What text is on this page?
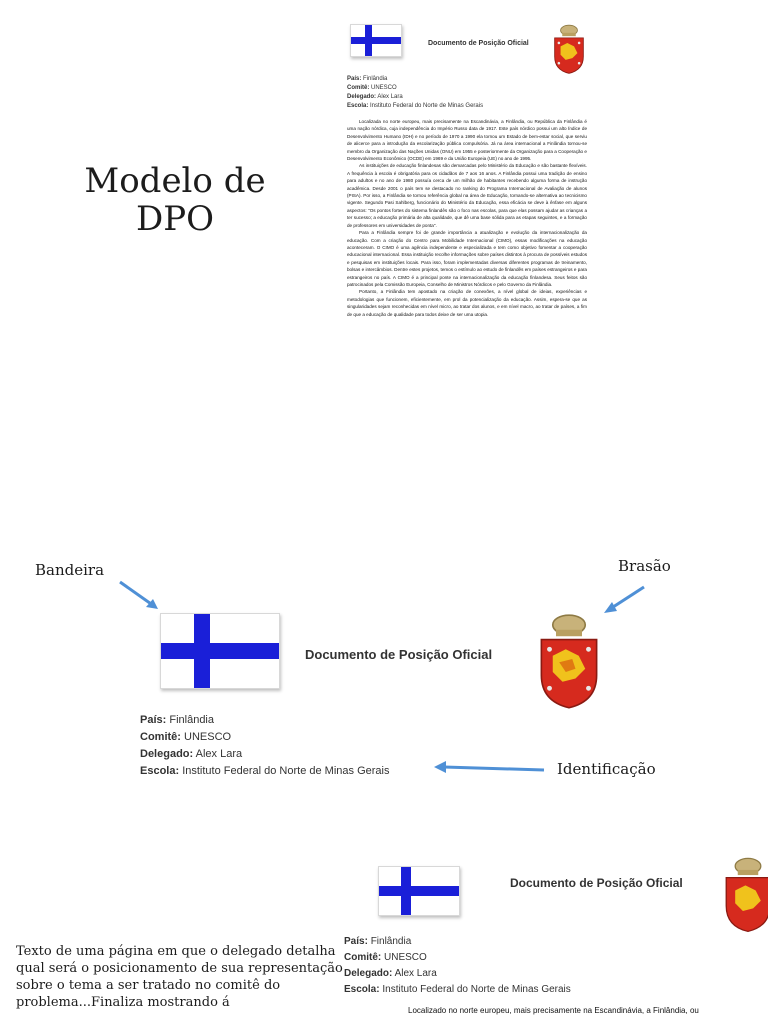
Documento de Posição Oficial
País: Finlândia
Comitê: UNESCO
Delegado: Alex Lara
Escola: Instituto Federal do Norte de Minas Gerais

Localizada no norte europeu, mais precisamente na Escandinávia, a Finlândia, ou República da Finlândia é uma nação nórdica, cuja independência do Império Russo data de 1917. Este país nórdico possui um alto Índice de Desenvolvimento Humano (IDH) e no período de 1970 a 1990 ela tornou um Estado de bem-estar social, que serviu de alicerce para a introdução da escolarização pública compulsória. Já na área internacional a Finlândia tornou-se membro da Organização das Nações Unidas (ONU) em 1955 e posteriormente da Organização para a Cooperação e Desenvolvimento Econômico (OCDE) em 1969 e da União Europeia (UE) no ano de 1995.

As instituições de educação finlandesas são demarcadas pelo Ministério da Educação e são bastante flexíveis. A frequência à escola é obrigatória para os cidadãos de 7 aos 16 anos. A Finlândia possui uma tradição de ensino para adultos e no ano de 1980 possuía cerca de um milhão de habitantes recebendo alguma forma de instrução acadêmica. Desde 2001 o país tem se destacado no ranking do Programa Internacional de Avaliação de alunos (PISA). Por isso, a Finlândia se tornou referência global na área de Educação, tornando-se alternativa ao tecnicismo vigente. Segundo Pasi Sahlberg, funcionário do Ministério da Educação, essa eficácia se deve à ênfase em alguns aspectos: "Os pontos fortes do sistema finlandês são o foco nas escolas, para que elas possam ajudar as crianças a ter sucesso; a educação primária de alta qualidade, que dê uma base sólida para as etapas seguintes, e a formação de professores em universidades de ponta".

Para a Finlândia sempre foi de grande importância a atualização e evolução da internacionalização da educação. Com a criação do Centro para Mobilidade Internacional (CIMO), essas modificações na educação aconteceram. O CIMO é uma agência independente e especializada e tem como objetivo fomentar a cooperação educacional internacional. Essa instituição recolhe informações sobre países distintos à procura de possíveis estudos e pesquisas em instituições locais. Para isso, foram implementadas diversas diferentes programas de treinamento, bolsas e intercâmbios. Dentre estes projetos, temos o estímulo ao estudo de finlandês em países estrangeiros e para estrangeiros no país. A CIMO é a principal ponte na internacionalização da educação finlandesa. Seus feitos são patrocinados pela Comissão Europeia, Conselho de Ministros Nórdicos e pelo Governo da Finlândia.

Portanto, a Finlândia tem apostado na criação de conexões, a nível global de ideias, experiências e metodologias que funcionem, eficientemente, em prol da potencialização da educação. Assim, espera-se que as singularidades sejam reconhecidas em nível micro, ao tratar dos alunos, e em nível macro, ao tratar de países, a fim de que a educação de qualidade para todos deixe de ser uma utopia.

Modelo de
DPO
Bandeira	Brasão
Documento de Posição Oficial
País: Finlândia
Comitê: UNESCO
Delegado: Alex Lara
Escola: Instituto Federal do Norte de Minas Gerais	Identificação
Texto de uma página em que o delegado detalha qual será o posicionamento de sua representação sobre o tema a ser tratado no comitê do problema...Finaliza mostrando á
Documento de Posição Oficial
País: Finlândia
Comitê: UNESCO
Delegado: Alex Lara
Escola: Instituto Federal do Norte de Minas Gerais
Localizado no norte europeu, mais precisamente na Escandinávia, a Finlândia, ou
